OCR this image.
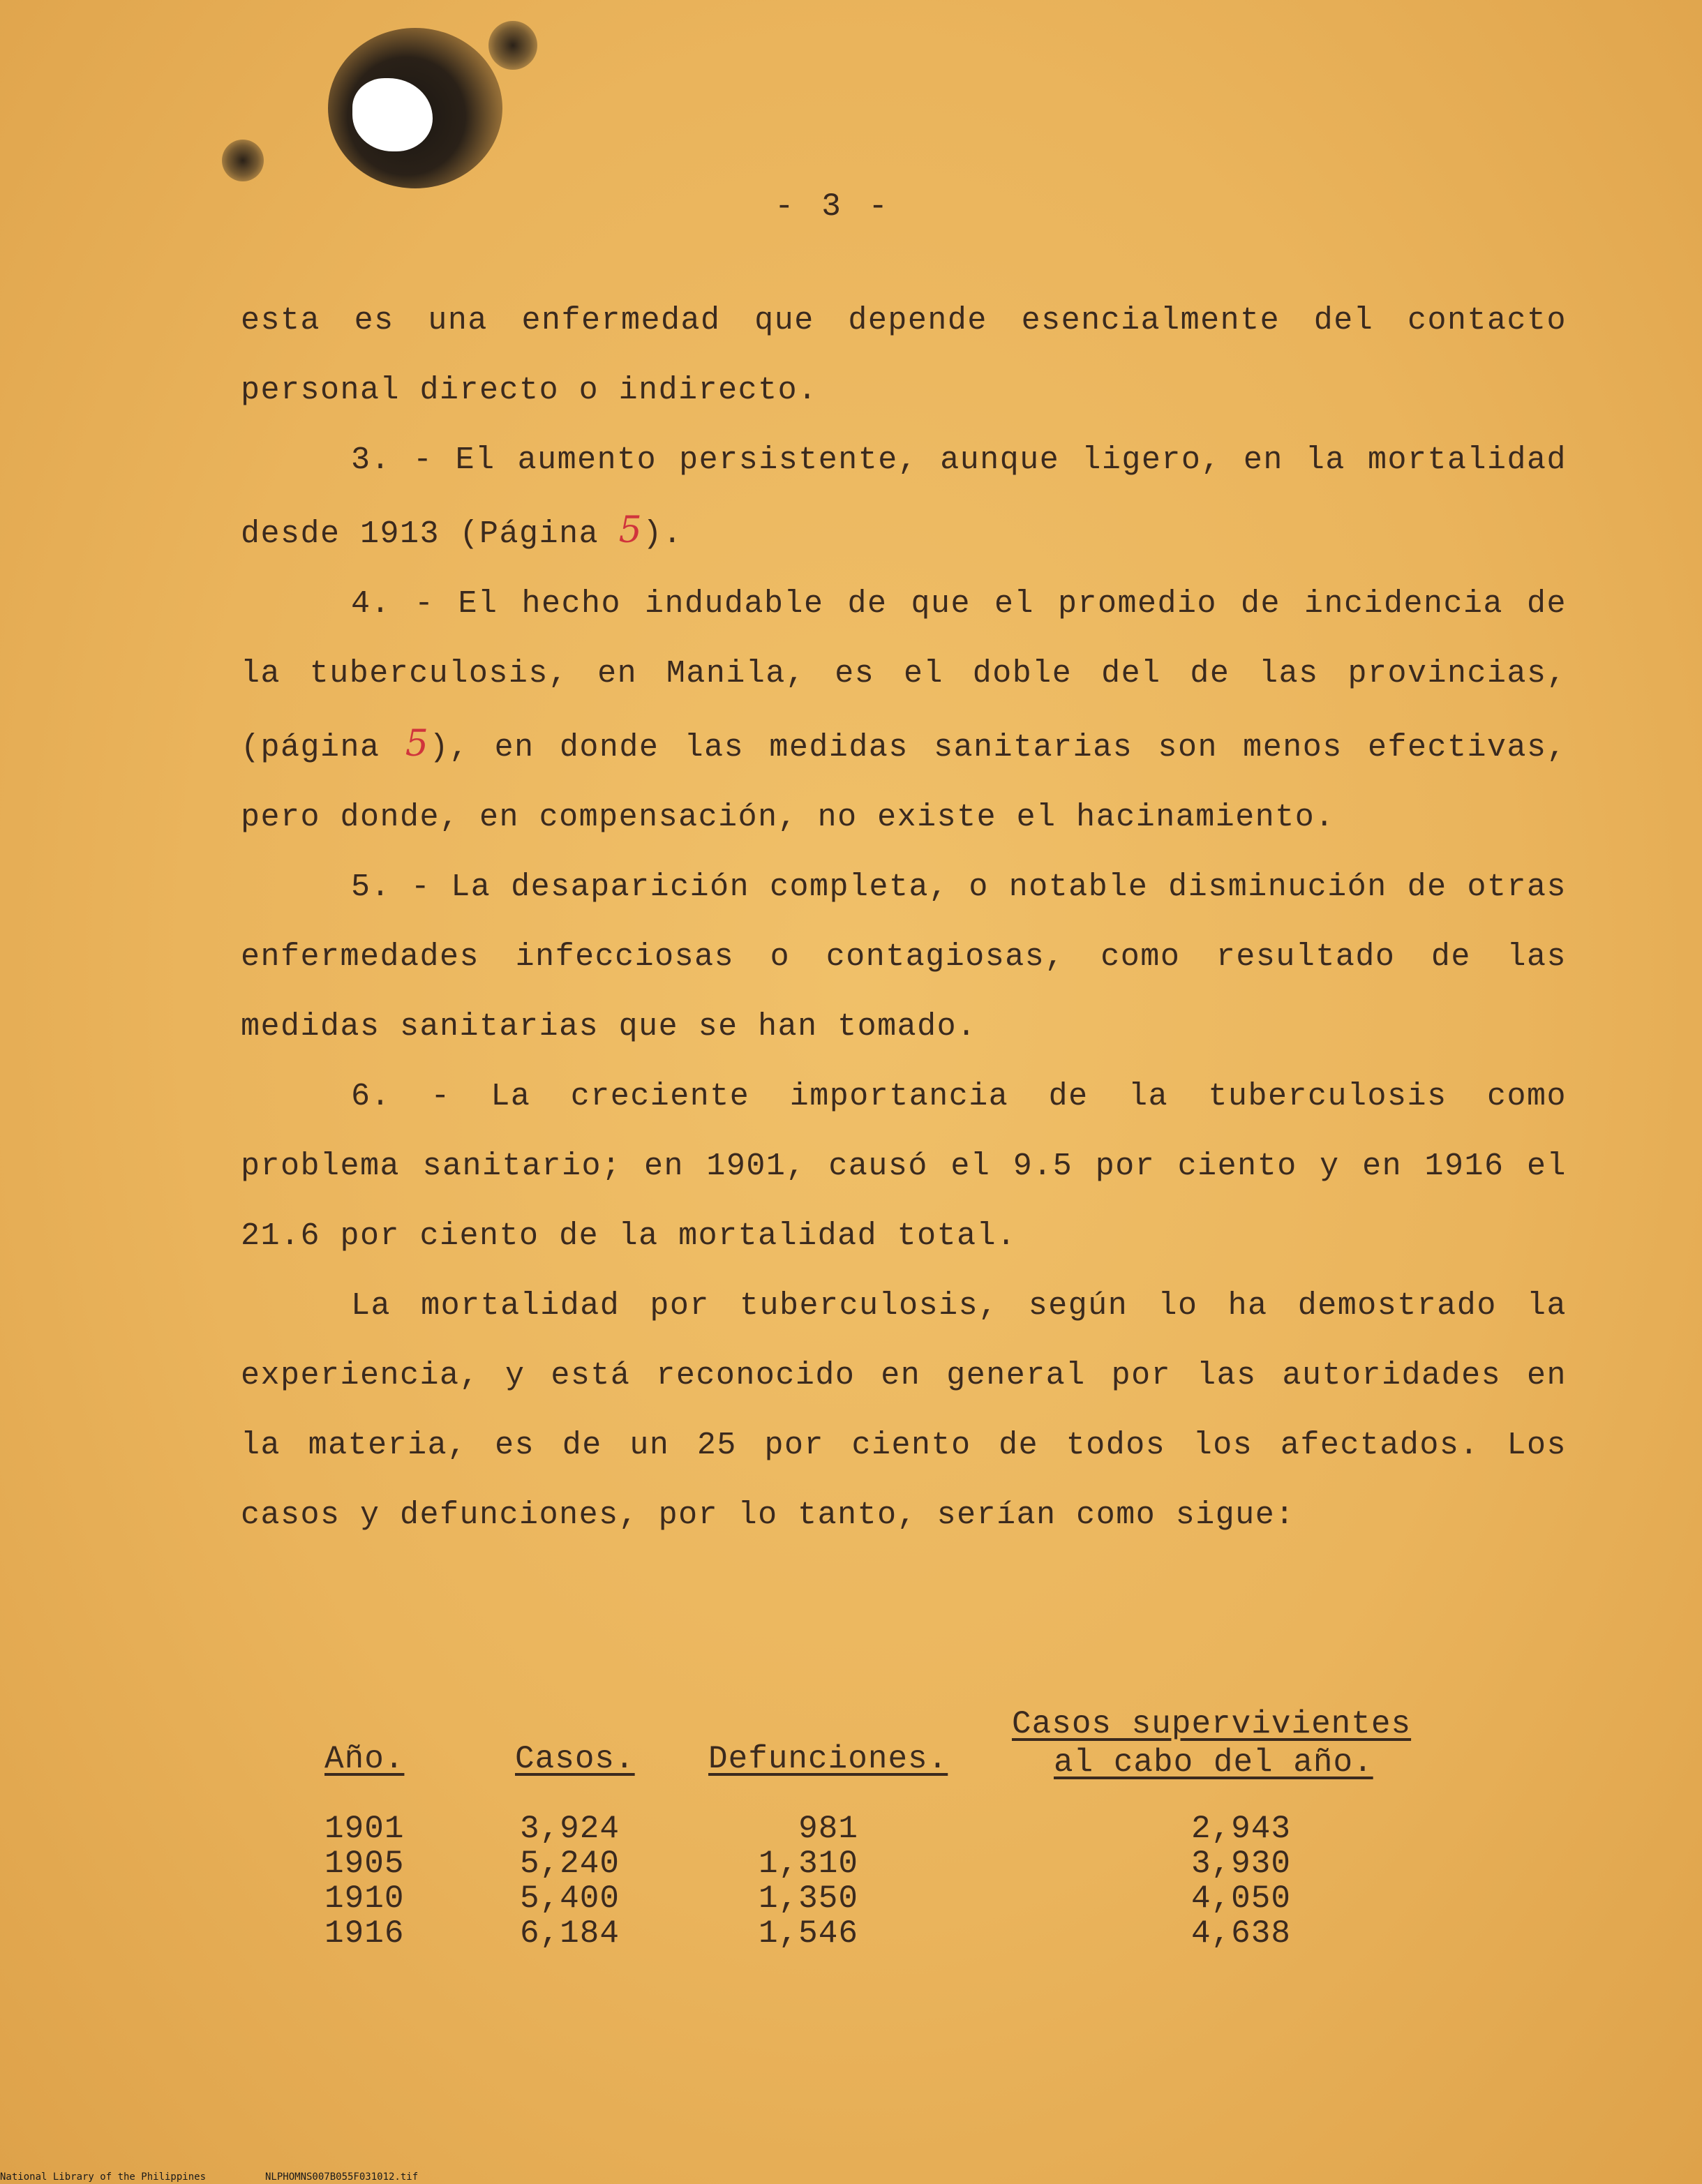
- 3 -

esta es una enfermedad que depende esencialmente del contacto personal directo o indirecto.

3. - El aumento persistente, aunque ligero, en la mortalidad desde 1913 (Página 5).

4. - El hecho indudable de que el promedio de incidencia de la tuberculosis, en Manila, es el doble del de las provincias, (página 5), en donde las medidas sanitarias son menos efectivas, pero donde, en compensación, no existe el hacinamiento.

5. - La desaparición completa, o notable disminución de otras enfermedades infecciosas o contagiosas, como resultado de las medidas sanitarias que se han tomado.

6. - La creciente importancia de la tuberculosis como problema sanitario; en 1901, causó el 9.5 por ciento y en 1916 el 21.6 por ciento de la mortalidad total.

La mortalidad por tuberculosis, según lo ha demostrado la experiencia, y está reconocido en general por las autoridades en la materia, es de un 25 por ciento de todos los afectados. Los casos y defunciones, por lo tanto, serían como sigue:

Año.	Casos. Defunciones.
Casos supervivientes
al cabo del año.
1901	3,924	981	2,943
1905	5,240	1,310	3,930
1910	5,400	1,350	4,050
1916	6,184	1,546	4,638
National Library of the Philippines	NLPHOMNS007B055F031012.tif
